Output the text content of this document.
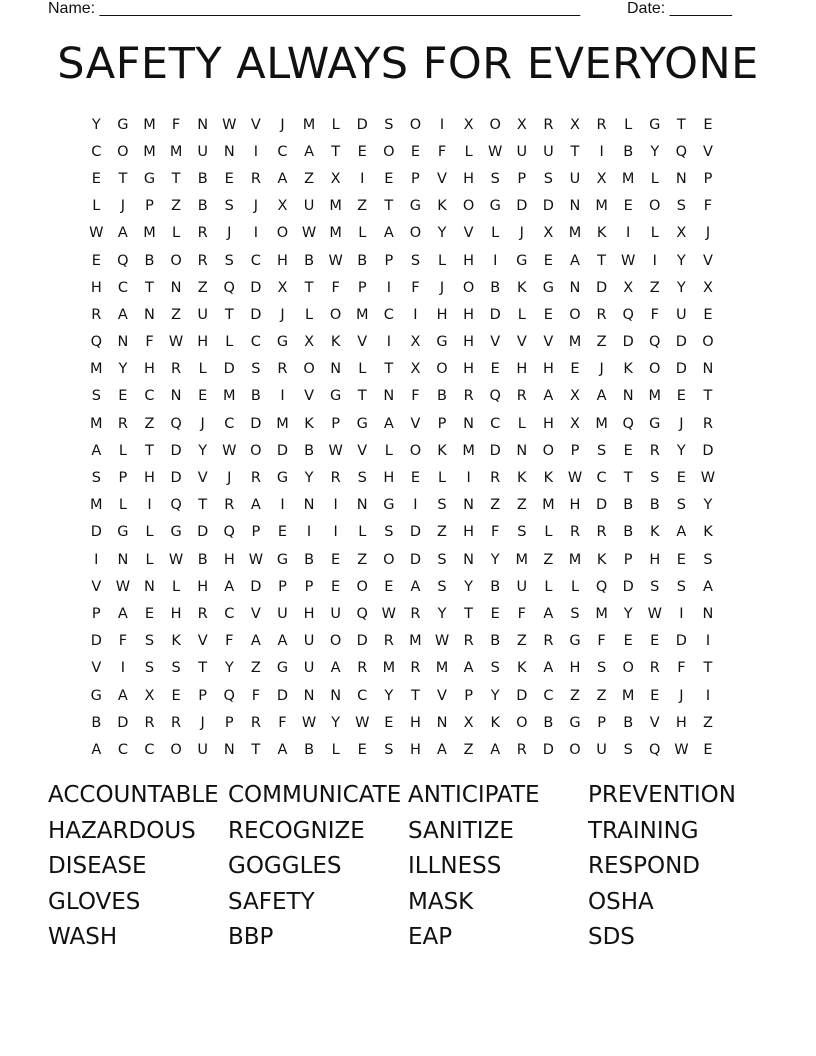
Name: ______________________________________________________	Date: _______
SAFETY ALWAYS FOR EVERYONE
Y	G	M	F	N W V	J	M	L	D	S	O	I	X	O	X	R	X	R	L	G	T	E
C	O	M M	U	N	I	C	A	T	E	O	E	F	L	W U	U	T	I	B	Y	Q	V
E	T	G	T	B	E	R	A	Z	X	I	E	P	V	H	S	P	S	U	X	M	L	N	P
L	J	P	Z	B	S	J	X	U	M	Z	T	G	K	O	G	D	D	N	M	E	O	S	F
W A	M	L	R	J	I	O W M	L	A	O	Y	V	L	J	X	M	K	I	L	X	J
E	Q	B	O	R	S	C	H	B W B	P	S	L	H	I	G	E	A	T	W	I	Y	V
H	C	T	N	Z	Q	D	X	T	F	P	I	F	J	O	B	K	G	N	D	X	Z	Y	X
R	A	N	Z	U	T	D	J	L	O	M	C	I	H	H	D	L	E	O	R	Q	F	U	E
Q	N	F	W H	L	C	G	X	K	V	I	X	G	H	V	V	V	M	Z	D	Q	D	O
M	Y	H	R	L	D	S	R	O	N	L	T	X	O	H	E	H	H	E	J	K	O	D	N
S	E	C	N	E	M	B	I	V	G	T	N	F	B	R	Q	R	A	X	A	N	M	E	T
M	R	Z	Q	J	C	D	M	K	P	G	A	V	P	N	C	L	H	X	M	Q	G	J	R
A	L	T	D	Y	W O	D	B W V	L	O	K	M	D	N	O	P	S	E	R	Y	D
S	P	H	D	V	J	R	G	Y	R	S	H	E	L	I	R	K	K	W C	T	S	E	W
M	L	I	Q	T	R	A	I	N	I	N	G	I	S	N	Z	Z	M	H	D	B	B	S	Y
D	G	L	G	D	Q	P	E	I	I	L	S	D	Z	H	F	S	L	R	R	B	K	A	K
I	N	L	W B	H W G	B	E	Z	O	D	S	N	Y	M	Z	M	K	P	H	E	S
V W N	L	H	A	D	P	P	E	O	E	A	S	Y	B	U	L	L	Q	D	S	S	A
P	A	E	H	R	C	V	U	H	U	Q W R	Y	T	E	F	A	S	M	Y	W	I	N
D	F	S	K	V	F	A	A	U	O	D	R	M W R	B	Z	R	G	F	E	E	D	I
V	I	S	S	T	Y	Z	G	U	A	R	M	R	M	A	S	K	A	H	S	O	R	F	T
G	A	X	E	P	Q	F	D	N	N	C	Y	T	V	P	Y	D	C	Z	Z	M	E	J	I
B	D	R	R	J	P	R	F	W	Y	W	E	H	N	X	K	O	B	G	P	B	V	H	Z
A	C	C	O	U	N	T	A	B	L	E	S	H	A	Z	A	R	D	O	U	S	Q W	E
ACCOUNTABLE COMMUNICATE ANTICIPATE	PREVENTION
HAZARDOUS	RECOGNIZE	SANITIZE	TRAINING
DISEASE	GOGGLES	ILLNESS	RESPOND
GLOVES	SAFETY	MASK	OSHA
WASH	BBP	EAP	SDS
